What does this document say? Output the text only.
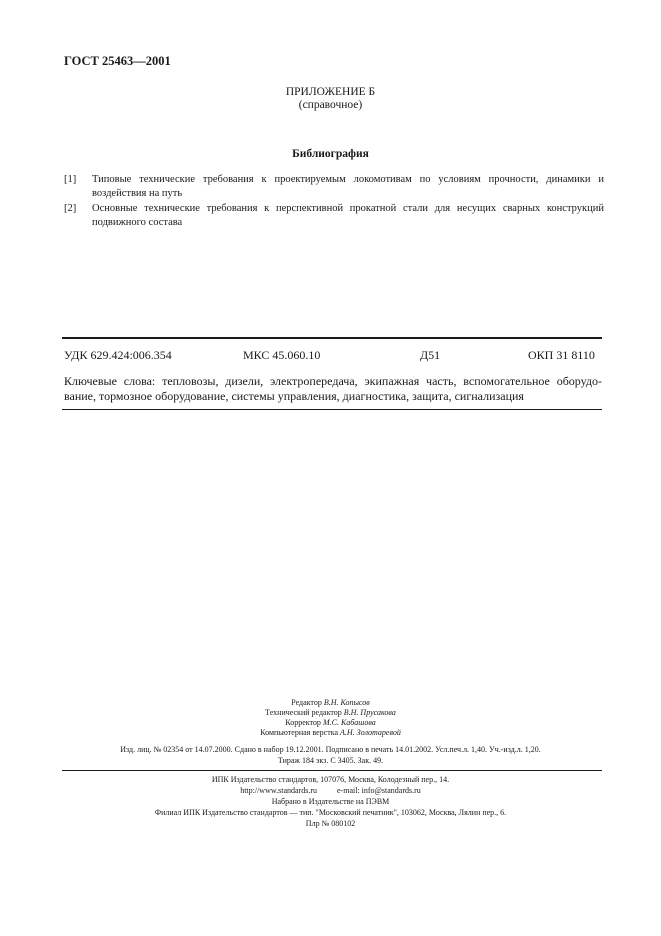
ГОСТ 25463—2001
ПРИЛОЖЕНИЕ Б
(справочное)
Библиография
[1] Типовые технические требования к проектируемым локомотивам по условиям прочности, динамики и воздействия на путь
[2] Основные технические требования к перспективной прокатной стали для несущих сварных конструкций подвижного состава
УДК 629.424:006.354	МКС 45.060.10	Д51	ОКП 31 8110
Ключевые слова: тепловозы, дизели, электропередача, экипажная часть, вспомогательное оборудо-вание, тормозное оборудование, системы управления, диагностика, защита, сигнализация
Редактор В.Н. Копысов
Технический редактор В.Н. Прусакова
Корректор М.С. Кабашова
Компьютерная верстка А.Н. Золотаревой
Изд. лиц. № 02354 от 14.07.2000. Сдано в набор 19.12.2001. Подписано в печать 14.01.2002. Усл.печ.л. 1,40. Уч.-изд.л. 1,20.
Тираж 184 экз. С 3405. Зак. 49.
ИПК Издательство стандартов, 107076, Москва, Колодезный пер., 14.
http://www.standards.ru	e-mail: info@standards.ru
Набрано в Издательстве на ПЭВМ
Филиал ИПК Издательство стандартов — тип. "Московский печатник", 103062, Москва, Лялин пер., 6.
Плр № 080102
